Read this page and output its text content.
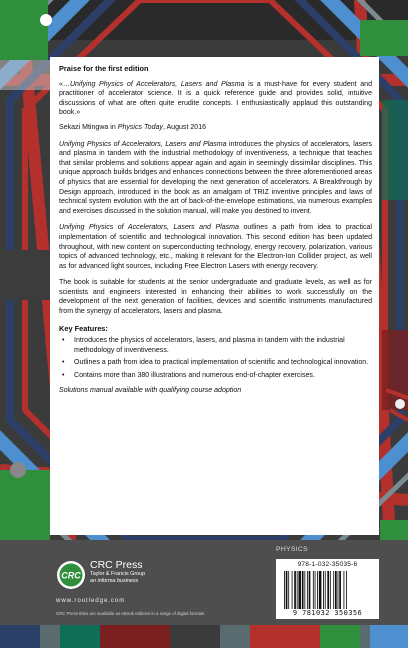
Praise for the first edition

«…Unifying Physics of Accelerators, Lasers and Plasma is a must-have for every student and practitioner of accelerator science. It is a quick reference guide and provides solid, intuitive discussions of what are often quite erudite concepts. I enthusiastically applaud this outstanding book.»

Sekazi Mtingwa in Physics Today, August 2016

Unifying Physics of Accelerators, Lasers and Plasma introduces the physics of accelerators, lasers and plasma in tandem with the industrial methodology of inventiveness, a technique that teaches that similar problems and solutions appear again and again in seemingly dissimilar disciplines. This unique approach builds bridges and enhances connections between the three aforementioned areas of physics that are essential for developing the next generation of accelerators. A Breakthrough by Design approach, introduced in the book as an amalgam of TRIZ inventive principles and laws of technical system evolution with the art of back-of-the-envelope estimations, via numerous examples and exercises discussed in the solution manual, will make you destined to invent.

Unifying Physics of Accelerators, Lasers and Plasma outlines a path from idea to practical implementation of scientific and technological innovation. This second edition has been updated throughout, with new content on superconducting technology, energy recovery, polarization, various topics of advanced technology, etc., making it relevant for the Electron-Ion Collider project, as well as for advanced light sources, including Free Electron Lasers with energy recovery.

The book is suitable for students at the senior undergraduate and graduate levels, as well as for scientists and engineers interested in enhancing their abilities to work successfully on the development of the next generation of facilities, devices and scientific instruments manufactured from the synergy of accelerators, lasers and plasma.

Key Features:

• Introduces the physics of accelerators, lasers, and plasma in tandem with the industrial methodology of inventiveness.
• Outlines a path from idea to practical implementation of scientific and technological innovation.
• Contains more than 380 illustrations and numerous end-of-chapter exercises.

Solutions manual available with qualifying course adoption

CRC
CRC Press
Taylor & Francis Group
an informa business
www.routledge.com
CRC Press titles are available as eBook editions in a range of digital formats
PHYSICS
978-1-032-35035-6
9 781032 350356
